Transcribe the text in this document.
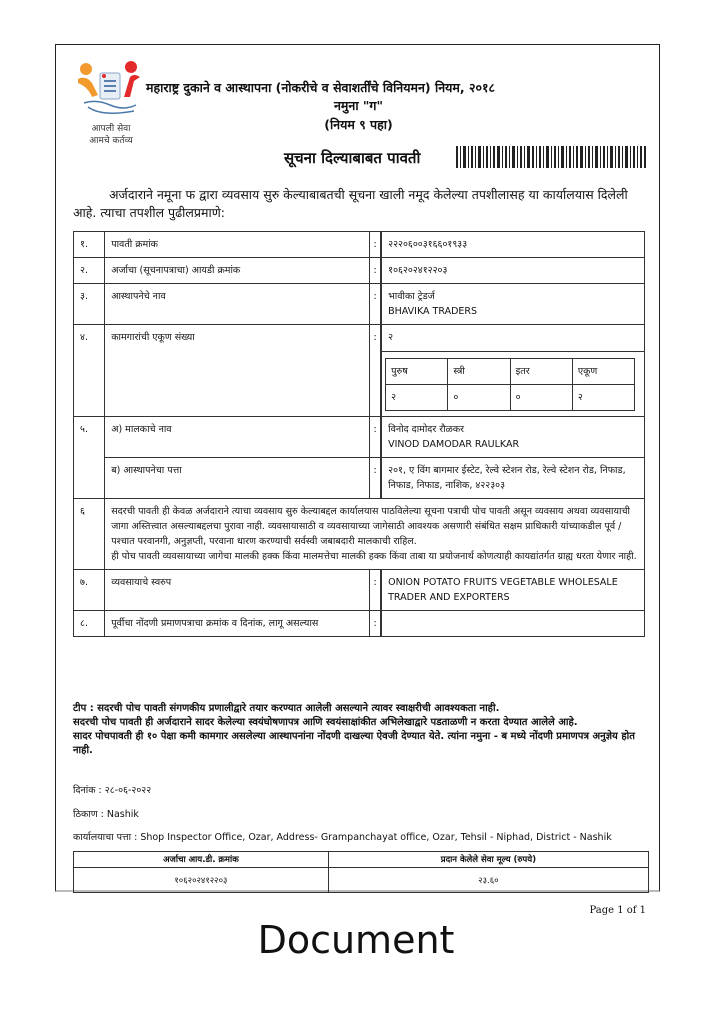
आपली सेवा
आमचे कर्तव्य
महाराष्ट्र दुकाने व आस्थापना (नोकरीचे व सेवाशर्तींचे विनियमन) नियम, २०१८
नमुना "ग"
(नियम ९ पहा)
सूचना दिल्याबाबत पावती
अर्जदाराने नमूना फ द्वारा व्यवसाय सुरु केल्याबाबतची सूचना खाली नमूद केलेल्या तपशीलासह या कार्यालयास दिलेली आहे. त्याचा तपशील पुढीलप्रमाणे:
१.	पावती क्रमांक	:	२२२०६००३१६६०१९३३
२.	अर्जाचा (सूचनापत्राचा) आयडी क्रमांक	:	१०६२०२४१२२०३
३.	आस्थापनेचे नाव	:	भावीका ट्रेडर्ज
BHAVIKA TRADERS

४.	कामगारांची एकूण संख्या	:	२
पुरुष	स्त्री	इतर	एकूण
२	०	०	२

५.	अ) मालकाचे नाव	:	विनोद दामोदर रौळकर
VINOD DAMODAR RAULKAR

ब) आस्थापनेचा पत्ता	:	२०१, ए विंग बागमार ईस्टेट, रेल्वे स्टेशन रोड, रेल्वे स्टेशन रोड, निफाड, निफाड, निफाड, नाशिक, ४२२३०३
६	सदरची पावती ही केवळ अर्जदाराने त्याचा व्यवसाय सुरु केल्याबद्दल कार्यालयास पाठविलेल्या सूचना पत्राची पोच पावती असून व्यवसाय अथवा व्यवसायाची जागा अस्तित्त्वात असल्याबद्दलचा पुरावा नाही. व्यवसायासाठी व व्यवसायाच्या जागेसाठी आवश्यक असणारी संबंधित सक्षम प्राधिकारी यांच्याकडील पूर्व / पश्चात परवानगी, अनुज्ञप्ती, परवाना धारण करण्याची सर्वस्वी जबाबदारी मालकाची राहिल.
ही पोच पावती व्यवसायाच्या जागेचा मालकी हक्क किंवा मालमत्तेचा मालकी हक्क किंवा ताबा या प्रयोजनार्थ कोणत्याही कायद्यांतर्गत ग्राह्य धरता येणार नाही.

७.	व्यवसायाचे स्वरुप	:	ONION POTATO FRUITS VEGETABLE WHOLESALE TRADER AND EXPORTERS
८.	पूर्वीचा नोंदणी प्रमाणपत्राचा क्रमांक व दिनांक, लागू असल्यास	:	
टीप : सदरची पोच पावती संगणकीय प्रणालीद्वारे तयार करण्यात आलेली असल्याने त्यावर स्वाक्षरीची आवश्यकता नाही.
सदरची पोच पावती ही अर्जदाराने सादर केलेल्या स्वयंघोषणापत्र आणि स्वयंसाक्षांकीत अभिलेखाद्वारे पडताळणी न करता देण्यात आलेले आहे.
सादर पोचपावती ही १० पेक्षा कमी कामगार असलेल्या आस्थापनांना नोंदणी दाखल्या ऐवजी देण्यात येते. त्यांना नमुना - ब मध्ये नोंदणी प्रमाणपत्र अनुज्ञेय होत नाही.
दिनांक : २८-०६-२०२२
ठिकाण : Nashik
कार्यालयाचा पत्ता : Shop Inspector Office, Ozar, Address- Grampanchayat office, Ozar, Tehsil - Niphad, District - Nashik
अर्जाचा आय.डी. क्रमांक	प्रदान केलेले सेवा मूल्य (रुपये)
१०६२०२४१२२०३	२३.६०
Page 1 of 1
Document
